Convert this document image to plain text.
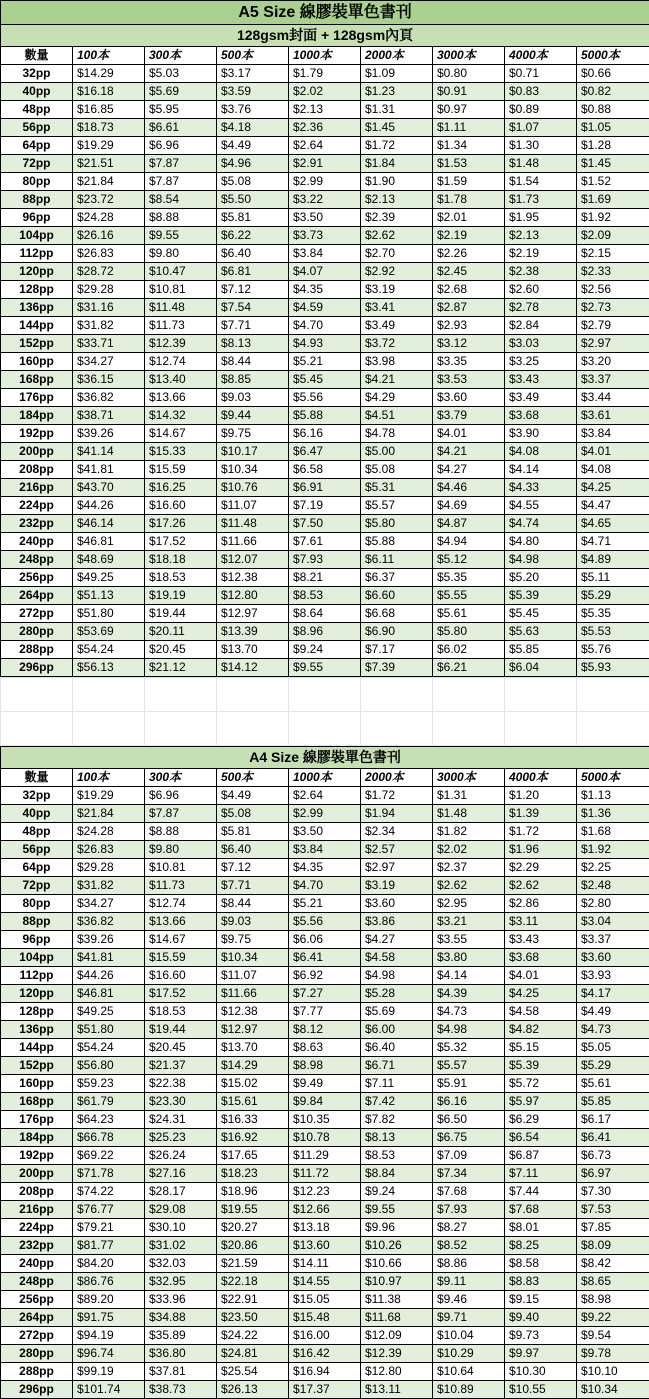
A5 Size 線膠裝單色書刊								
128gsm封面 + 128gsm內頁								
數量	100本	300本	500本	1000本	2000本	3000本	4000本	5000本
32pp	$14.29	$5.03	$3.17	$1.79	$1.09	$0.80	$0.71	$0.66
40pp	$16.18	$5.69	$3.59	$2.02	$1.23	$0.91	$0.83	$0.82
48pp	$16.85	$5.95	$3.76	$2.13	$1.31	$0.97	$0.89	$0.88
56pp	$18.73	$6.61	$4.18	$2.36	$1.45	$1.11	$1.07	$1.05
64pp	$19.29	$6.96	$4.49	$2.64	$1.72	$1.34	$1.30	$1.28
72pp	$21.51	$7.87	$4.96	$2.91	$1.84	$1.53	$1.48	$1.45
80pp	$21.84	$7.87	$5.08	$2.99	$1.90	$1.59	$1.54	$1.52
88pp	$23.72	$8.54	$5.50	$3.22	$2.13	$1.78	$1.73	$1.69
96pp	$24.28	$8.88	$5.81	$3.50	$2.39	$2.01	$1.95	$1.92
104pp	$26.16	$9.55	$6.22	$3.73	$2.62	$2.19	$2.13	$2.09
112pp	$26.83	$9.80	$6.40	$3.84	$2.70	$2.26	$2.19	$2.15
120pp	$28.72	$10.47	$6.81	$4.07	$2.92	$2.45	$2.38	$2.33
128pp	$29.28	$10.81	$7.12	$4.35	$3.19	$2.68	$2.60	$2.56
136pp	$31.16	$11.48	$7.54	$4.59	$3.41	$2.87	$2.78	$2.73
144pp	$31.82	$11.73	$7.71	$4.70	$3.49	$2.93	$2.84	$2.79
152pp	$33.71	$12.39	$8.13	$4.93	$3.72	$3.12	$3.03	$2.97
160pp	$34.27	$12.74	$8.44	$5.21	$3.98	$3.35	$3.25	$3.20
168pp	$36.15	$13.40	$8.85	$5.45	$4.21	$3.53	$3.43	$3.37
176pp	$36.82	$13.66	$9.03	$5.56	$4.29	$3.60	$3.49	$3.44
184pp	$38.71	$14.32	$9.44	$5.88	$4.51	$3.79	$3.68	$3.61
192pp	$39.26	$14.67	$9.75	$6.16	$4.78	$4.01	$3.90	$3.84
200pp	$41.14	$15.33	$10.17	$6.47	$5.00	$4.21	$4.08	$4.01
208pp	$41.81	$15.59	$10.34	$6.58	$5.08	$4.27	$4.14	$4.08
216pp	$43.70	$16.25	$10.76	$6.91	$5.31	$4.46	$4.33	$4.25
224pp	$44.26	$16.60	$11.07	$7.19	$5.57	$4.69	$4.55	$4.47
232pp	$46.14	$17.26	$11.48	$7.50	$5.80	$4.87	$4.74	$4.65
240pp	$46.81	$17.52	$11.66	$7.61	$5.88	$4.94	$4.80	$4.71
248pp	$48.69	$18.18	$12.07	$7.93	$6.11	$5.12	$4.98	$4.89
256pp	$49.25	$18.53	$12.38	$8.21	$6.37	$5.35	$5.20	$5.11
264pp	$51.13	$19.19	$12.80	$8.53	$6.60	$5.55	$5.39	$5.29
272pp	$51.80	$19.44	$12.97	$8.64	$6.68	$5.61	$5.45	$5.35
280pp	$53.69	$20.11	$13.39	$8.96	$6.90	$5.80	$5.63	$5.53
288pp	$54.24	$20.45	$13.70	$9.24	$7.17	$6.02	$5.85	$5.76
296pp	$56.13	$21.12	$14.12	$9.55	$7.39	$6.21	$6.04	$5.93

A4 Size 線膠裝單色書刊								
數量	100本	300本	500本	1000本	2000本	3000本	4000本	5000本
32pp	$19.29	$6.96	$4.49	$2.64	$1.72	$1.31	$1.20	$1.13
40pp	$21.84	$7.87	$5.08	$2.99	$1.94	$1.48	$1.39	$1.36
48pp	$24.28	$8.88	$5.81	$3.50	$2.34	$1.82	$1.72	$1.68
56pp	$26.83	$9.80	$6.40	$3.84	$2.57	$2.02	$1.96	$1.92
64pp	$29.28	$10.81	$7.12	$4.35	$2.97	$2.37	$2.29	$2.25
72pp	$31.82	$11.73	$7.71	$4.70	$3.19	$2.62	$2.62	$2.48
80pp	$34.27	$12.74	$8.44	$5.21	$3.60	$2.95	$2.86	$2.80
88pp	$36.82	$13.66	$9.03	$5.56	$3.86	$3.21	$3.11	$3.04
96pp	$39.26	$14.67	$9.75	$6.06	$4.27	$3.55	$3.43	$3.37
104pp	$41.81	$15.59	$10.34	$6.41	$4.58	$3.80	$3.68	$3.60
112pp	$44.26	$16.60	$11.07	$6.92	$4.98	$4.14	$4.01	$3.93
120pp	$46.81	$17.52	$11.66	$7.27	$5.28	$4.39	$4.25	$4.17
128pp	$49.25	$18.53	$12.38	$7.77	$5.69	$4.73	$4.58	$4.49
136pp	$51.80	$19.44	$12.97	$8.12	$6.00	$4.98	$4.82	$4.73
144pp	$54.24	$20.45	$13.70	$8.63	$6.40	$5.32	$5.15	$5.05
152pp	$56.80	$21.37	$14.29	$8.98	$6.71	$5.57	$5.39	$5.29
160pp	$59.23	$22.38	$15.02	$9.49	$7.11	$5.91	$5.72	$5.61
168pp	$61.79	$23.30	$15.61	$9.84	$7.42	$6.16	$5.97	$5.85
176pp	$64.23	$24.31	$16.33	$10.35	$7.82	$6.50	$6.29	$6.17
184pp	$66.78	$25.23	$16.92	$10.78	$8.13	$6.75	$6.54	$6.41
192pp	$69.22	$26.24	$17.65	$11.29	$8.53	$7.09	$6.87	$6.73
200pp	$71.78	$27.16	$18.23	$11.72	$8.84	$7.34	$7.11	$6.97
208pp	$74.22	$28.17	$18.96	$12.23	$9.24	$7.68	$7.44	$7.30
216pp	$76.77	$29.08	$19.55	$12.66	$9.55	$7.93	$7.68	$7.53
224pp	$79.21	$30.10	$20.27	$13.18	$9.96	$8.27	$8.01	$7.85
232pp	$81.77	$31.02	$20.86	$13.60	$10.26	$8.52	$8.25	$8.09
240pp	$84.20	$32.03	$21.59	$14.11	$10.66	$8.86	$8.58	$8.42
248pp	$86.76	$32.95	$22.18	$14.55	$10.97	$9.11	$8.83	$8.65
256pp	$89.20	$33.96	$22.91	$15.05	$11.38	$9.46	$9.15	$8.98
264pp	$91.75	$34.88	$23.50	$15.48	$11.68	$9.71	$9.40	$9.22
272pp	$94.19	$35.89	$24.22	$16.00	$12.09	$10.04	$9.73	$9.54
280pp	$96.74	$36.80	$24.81	$16.42	$12.39	$10.29	$9.97	$9.78
288pp	$99.19	$37.81	$25.54	$16.94	$12.80	$10.64	$10.30	$10.10
296pp	$101.74	$38.73	$26.13	$17.37	$13.11	$10.89	$10.55	$10.34
